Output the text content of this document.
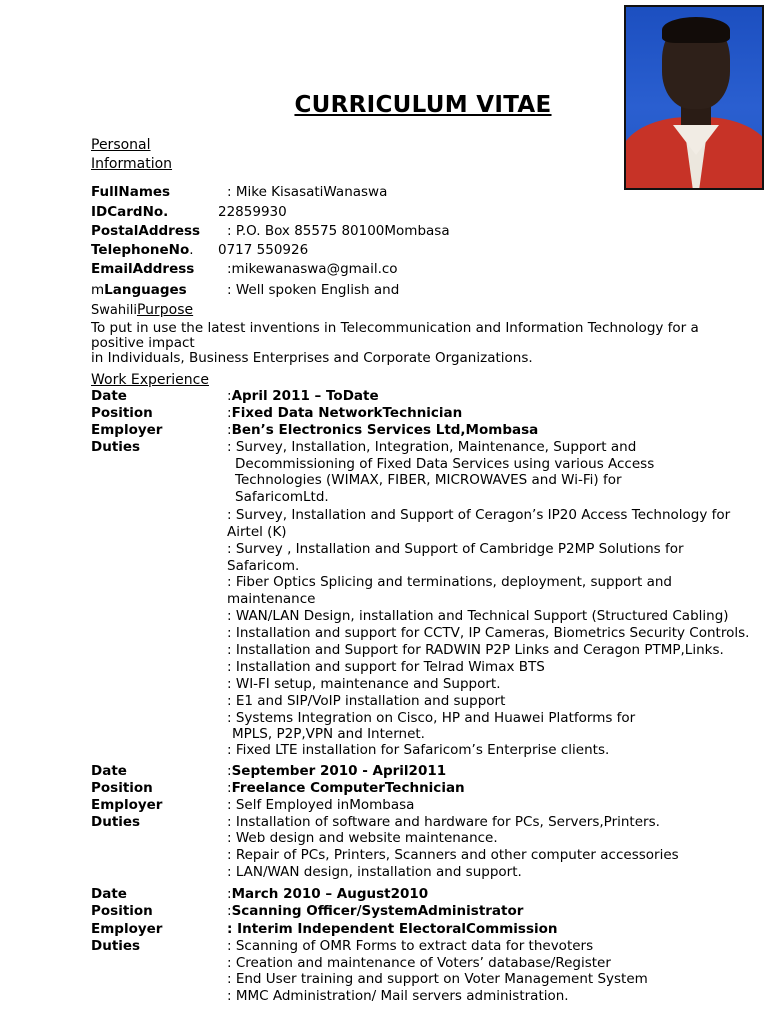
CURRICULUM VITAE
Personal
Information
FullNames	: Mike KisasatiWanaswa
IDCardNo.	22859930
PostalAddress : P.O. Box 85575 80100Mombasa
TelephoneNo. 0717 550926
EmailAddress :mikewanaswa@gmail.co
mLanguages	: Well spoken English and
SwahiliPurpose
To put in use the latest inventions in Telecommunication and Information Technology for a positive impact
in Individuals, Business Enterprises and Corporate Organizations.
Work Experience
Date	:April 2011 – ToDate
Position	:Fixed Data NetworkTechnician
Employer	:Ben’s Electronics Services Ltd,Mombasa
Duties	: Survey, Installation, Integration, Maintenance, Support and
Decommissioning of Fixed Data Services using various Access
Technologies (WIMAX, FIBER, MICROWAVES and Wi-Fi) for
SafaricomLtd.
: Survey, Installation and Support of Ceragon’s IP20 Access Technology for
Airtel (K)
: Survey , Installation and Support of Cambridge P2MP Solutions for
Safaricom.
: Fiber Optics Splicing and terminations, deployment, support and
maintenance
: WAN/LAN Design, installation and Technical Support (Structured Cabling)
: Installation and support for CCTV, IP Cameras, Biometrics Security Controls.
: Installation and Support for RADWIN P2P Links and Ceragon PTMP,Links.
: Installation and support for Telrad Wimax BTS
: WI-FI setup, maintenance and Support.
: E1 and SIP/VoIP installation and support
: Systems Integration on Cisco, HP and Huawei Platforms for
MPLS, P2P,VPN and Internet.
: Fixed LTE installation for Safaricom’s Enterprise clients.
Date	:September 2010 - April2011
Position	:Freelance ComputerTechnician
Employer	: Self Employed inMombasa
Duties	: Installation of software and hardware for PCs, Servers,Printers.
: Web design and website maintenance.
: Repair of PCs, Printers, Scanners and other computer accessories
: LAN/WAN design, installation and support.
Date	:March 2010 – August2010
Position	:Scanning Officer/SystemAdministrator
Employer	: Interim Independent ElectoralCommission
Duties	: Scanning of OMR Forms to extract data for thevoters
: Creation and maintenance of Voters’ database/Register
: End User training and support on Voter Management System
: MMC Administration/ Mail servers administration.
